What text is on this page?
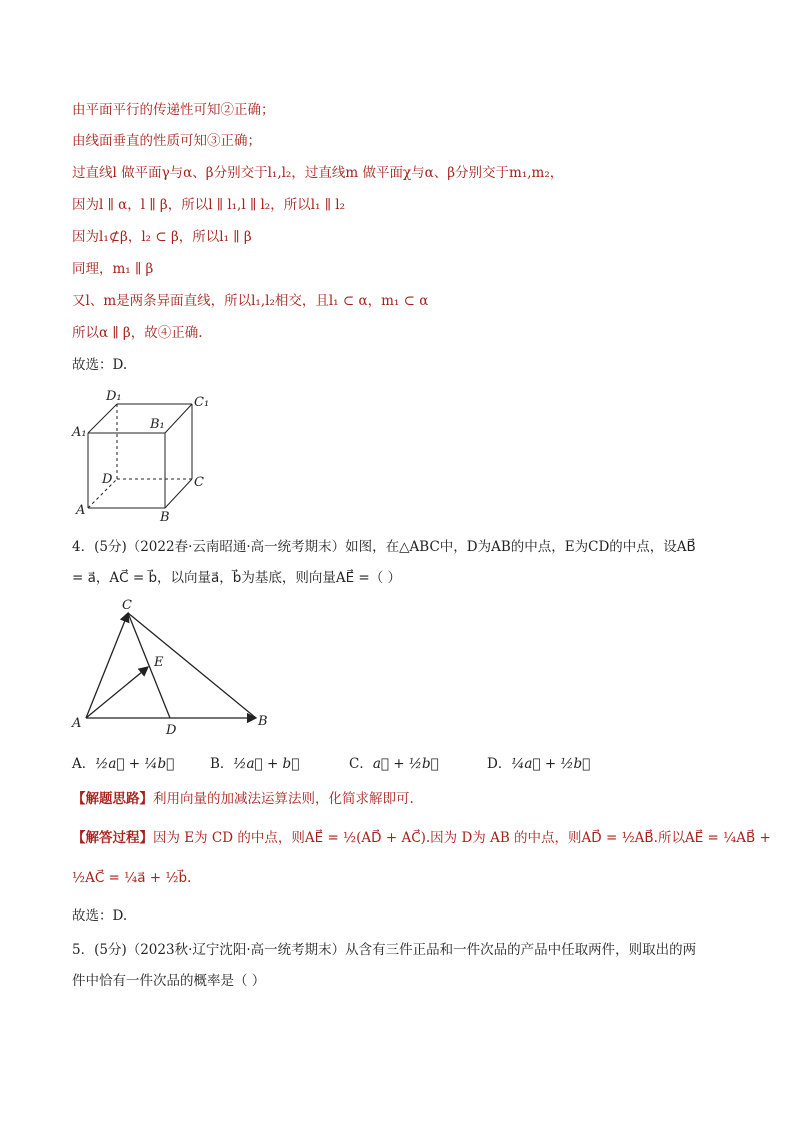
由平面平行的传递性可知②正确；
由线面垂直的性质可知③正确；
过直线l 做平面γ与α、β分别交于l₁,l₂，过直线m 做平面χ与α、β分别交于m₁,m₂，
因为l ∥ α，l ∥ β，所以l ∥ l₁,l ∥ l₂，所以l₁ ∥ l₂
因为l₁⊄β，l₂ ⊂ β，所以l₁ ∥ β
同理，m₁ ∥ β
又l、m是两条异面直线，所以l₁,l₂相交，且l₁ ⊂ α，m₁ ⊂ α
所以α ∥ β，故④正确.
故选：D.
D₁	C₁
A₁
B₁
D	C
A	B
4．(5分)（2022春·云南昭通·高一统考期末）如图，在△ABC中，D为AB的中点，E为CD的中点，设AB⃗
= a⃗，AC⃗ = b⃗，以向量a⃗，b⃗为基底，则向量AE⃗ =（ ）
C
E
A	D
B
A．½a⃗ + ¼b⃗	B．½a⃗ + b⃗	C．a⃗ + ½b⃗	D．¼a⃗ + ½b⃗
【解题思路】利用向量的加减法运算法则，化简求解即可.
【解答过程】因为 E为 CD 的中点，则AE⃗ = ½(AD⃗ + AC⃗).因为 D为 AB 的中点，则AD⃗ = ½AB⃗.所以AE⃗ = ¼AB⃗ +
½AC⃗ = ¼a⃗ + ½b⃗.
故选：D.
5．(5分)（2023秋·辽宁沈阳·高一统考期末）从含有三件正品和一件次品的产品中任取两件，则取出的两
件中恰有一件次品的概率是（ ）
